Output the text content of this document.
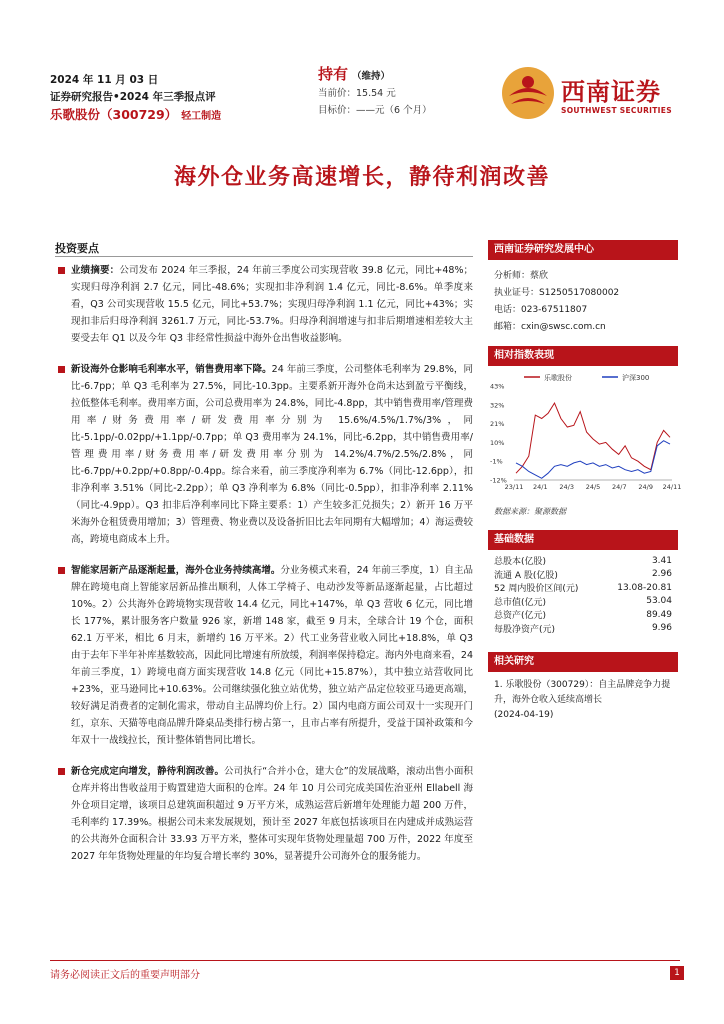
2024 年 11 月 03 日
证券研究报告•2024 年三季报点评
乐歌股份（300729） 轻工制造
持有 （维持）
当前价：15.54 元
目标价：——元（6 个月）
西南证券
SOUTHWEST SECURITIES
海外仓业务高速增长，静待利润改善
投资要点
业绩摘要：公司发布 2024 年三季报，24 年前三季度公司实现营收 39.8 亿元，同比+48%；实现归母净利润 2.7 亿元，同比-48.6%；实现扣非净利润 1.4 亿元，同比-8.6%。单季度来看，Q3 公司实现营收 15.5 亿元，同比+53.7%；实现归母净利润 1.1 亿元，同比+43%；实现扣非后归母净利润 3261.7 万元，同比-53.7%。归母净利润增速与扣非后期增速相差较大主要受去年 Q1 以及今年 Q3 非经常性损益中海外仓出售收益影响。
新设海外仓影响毛利率水平，销售费用率下降。24 年前三季度，公司整体毛利率为 29.8%，同比-6.7pp；单 Q3 毛利率为 27.5%，同比-10.3pp。主要系新开海外仓尚未达到盈亏平衡线，拉低整体毛利率。费用率方面，公司总费用率为 24.8%，同比-4.8pp，其中销售费用率/管理费用率/财务费用率/研发费用率分别为 15.6%/4.5%/1.7%/3%，同比-5.1pp/-0.02pp/+1.1pp/-0.7pp；单 Q3 费用率为 24.1%，同比-6.2pp，其中销售费用率/管理费用率/财务费用率/研发费用率分别为 14.2%/4.7%/2.5%/2.8%，同比-6.7pp/+0.2pp/+0.8pp/-0.4pp。综合来看，前三季度净利率为 6.7%（同比-12.6pp），扣非净利率 3.51%（同比-2.2pp）；单 Q3 净利率为 6.8%（同比-0.5pp），扣非净利率 2.11%（同比-4.9pp）。Q3 扣非后净利率同比下降主要系：1）产生较多汇兑损失；2）新开 16 万平米海外仓租赁费用增加；3）管理费、物业费以及设备折旧比去年同期有大幅增加；4）海运费较高，跨境电商成本上升。
智能家居新产品逐渐起量，海外仓业务持续高增。分业务模式来看，24 年前三季度，1）自主品牌在跨境电商上智能家居新品推出顺利，人体工学椅子、电动沙发等新品逐渐起量，占比超过 10%。2）公共海外仓跨境物实现营收 14.4 亿元，同比+147%，单 Q3 营收 6 亿元，同比增长 177%，累计服务客户数量 926 家，新增 148 家，截至 9 月末，全球合计 19 个仓，面积 62.1 万平米，相比 6 月末，新增约 16 万平米。2）代工业务营业收入同比+18.8%，单 Q3 由于去年下半年补库基数较高，因此同比增速有所放缓，利润率保持稳定。海内外电商来看，24 年前三季度，1）跨境电商方面实现营收 14.8 亿元（同比+15.87%），其中独立站营收同比+23%，亚马逊同比+10.63%。公司继续强化独立站优势，独立站产品定位较亚马逊更高端，较好满足消费者的定制化需求，带动自主品牌均价上行。2）国内电商方面公司双十一实现开门红，京东、天猫等电商品牌升降桌品类排行榜占第一，且市占率有所提升，受益于国补政策和今年双十一战线拉长，预计整体销售同比增长。
新仓完成定向增发，静待利润改善。公司执行“合并小仓，建大仓”的发展战略，滚动出售小面积仓库并将出售收益用于购置建造大面积的仓库。24 年 10 月公司完成美国佐治亚州 Ellabell 海外仓项目定增，该项目总建筑面积超过 9 万平方米，成熟运营后新增年处理能力超 200 万件，毛利率约 17.39%。根据公司未来发展规划，预计至 2027 年底包括该项目在内建成并成熟运营的公共海外仓面积合计 33.93 万平方米，整体可实现年货物处理量超 700 万件，2022 年度至 2027 年年货物处理量的年均复合增长率约 30%，显著提升公司海外仓的服务能力。
西南证券研究发展中心
分析师：蔡欣
执业证号：S1250517080002
电话：023-67511807
邮箱：cxin@swsc.com.cn
相对指数表现
乐歌股份	沪深300
43%
32%
21%
10%
-1%
-12%
23/11 24/1 24/3 24/5 24/7 24/9 24/11
数据来源：聚源数据
基础数据
总股本(亿股)	3.41
流通 A 股(亿股)	2.96
52 周内股价区间(元)	13.08-20.81
总市值(亿元)	53.04
总资产(亿元)	89.49
每股净资产(元)	9.96
相关研究
1. 乐歌股份（300729）：自主品牌竞争力提升，海外仓收入延续高增长
(2024-04-19)
请务必阅读正文后的重要声明部分	1
